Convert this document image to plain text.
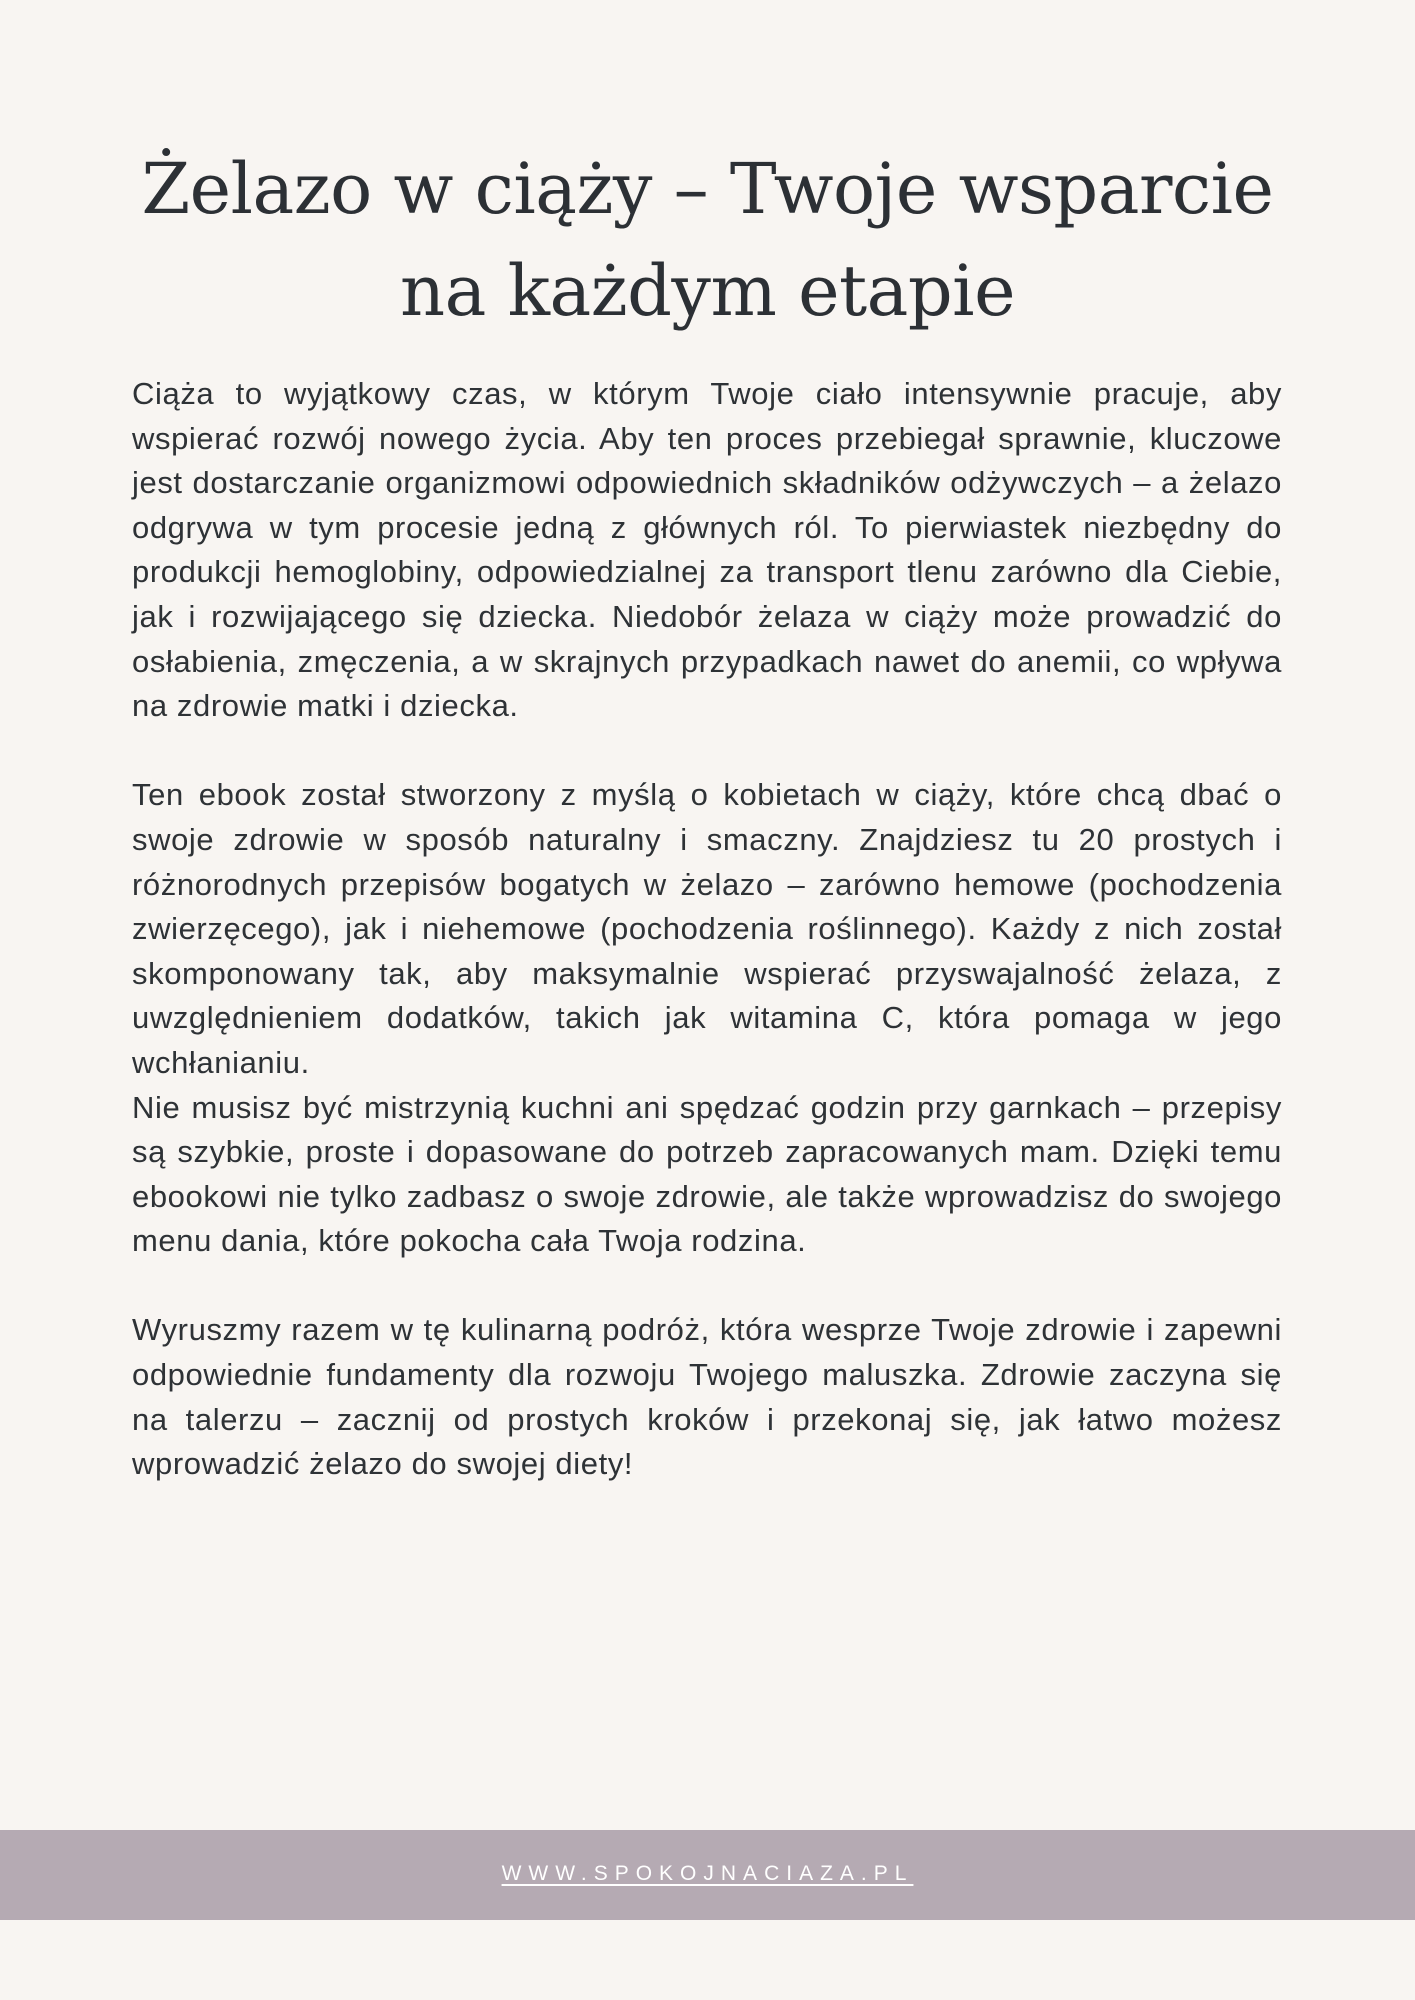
Żelazo w ciąży – Twoje wsparcie
na każdym etapie

Ciąża to wyjątkowy czas, w którym Twoje ciało intensywnie pracuje, aby wspierać rozwój nowego życia. Aby ten proces przebiegał sprawnie, kluczowe jest dostarczanie organizmowi odpowiednich składników odżywczych – a żelazo odgrywa w tym procesie jedną z głównych ról. To pierwiastek niezbędny do produkcji hemoglobiny, odpowiedzialnej za transport tlenu zarówno dla Ciebie, jak i rozwijającego się dziecka. Niedobór żelaza w ciąży może prowadzić do osłabienia, zmęczenia, a w skrajnych przypadkach nawet do anemii, co wpływa na zdrowie matki i dziecka.

Ten ebook został stworzony z myślą o kobietach w ciąży, które chcą dbać o swoje zdrowie w sposób naturalny i smaczny. Znajdziesz tu 20 prostych i różnorodnych przepisów bogatych w żelazo – zarówno hemowe (pochodzenia zwierzęcego), jak i niehemowe (pochodzenia roślinnego). Każdy z nich został skomponowany tak, aby maksymalnie wspierać przyswajalność żelaza, z uwzględnieniem dodatków, takich jak witamina C, która pomaga w jego wchłanianiu.

Nie musisz być mistrzynią kuchni ani spędzać godzin przy garnkach – przepisy są szybkie, proste i dopasowane do potrzeb zapracowanych mam. Dzięki temu ebookowi nie tylko zadbasz o swoje zdrowie, ale także wprowadzisz do swojego menu dania, które pokocha cała Twoja rodzina.

Wyruszmy razem w tę kulinarną podróż, która wesprze Twoje zdrowie i zapewni odpowiednie fundamenty dla rozwoju Twojego maluszka. Zdrowie zaczyna się na talerzu – zacznij od prostych kroków i przekonaj się, jak łatwo możesz wprowadzić żelazo do swojej diety!

WWW.SPOKOJNACIAZA.PL
